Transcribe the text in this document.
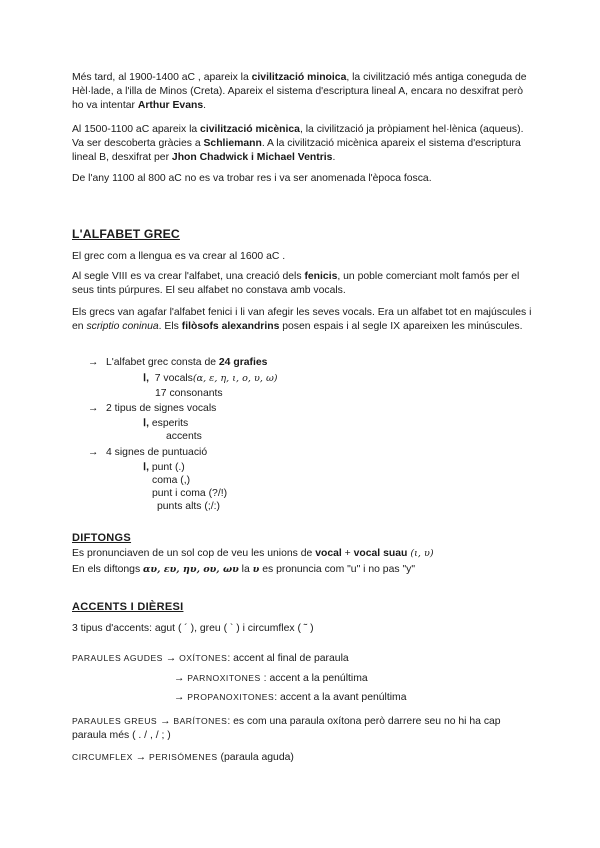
Més tard, al 1900-1400 aC , apareix la civilització minoica, la civilització més antiga coneguda de Hèl·lade, a l'illa de Minos (Creta). Apareix el sistema d'escriptura lineal A, encara no desxifrat però ho va intentar Arthur Evans.

Al 1500-1100 aC apareix la civilització micènica, la civilització ja pròpiament hel·lènica (aqueus). Va ser descoberta gràcies a Schliemann. A la civilització micènica apareix el sistema d'escriptura lineal B, desxifrat per Jhon Chadwick i Michael Ventris.

De l'any 1100 al 800 aC no es va trobar res i va ser anomenada l'època fosca.

L'ALFABET GREC

El grec com a llengua es va crear al 1600 aC .

Al segle VIII es va crear l'alfabet, una creació dels fenicis, un poble comerciant molt famós per el seus tints púrpures. El seu alfabet no constava amb vocals.

Els grecs van agafar l'alfabet fenici i li van afegir les seves vocals. Era un alfabet tot en majúscules i en scriptio coninua. Els filòsofs alexandrins posen espais i al segle IX apareixen les minúscules.

→ L'alfabet grec consta de 24 grafies

Ⅰ, 7 vocals(α, ε, η, ι, ο, υ, ω)

17 consonants

→ 2 tipus de signes vocals

Ⅰ, esperits

accents

→ 4 signes de puntuació

Ⅰ, punt (.)

coma (,)

punt i coma (?/!)

punts alts (;/:)

DIFTONGS

Es pronunciaven de un sol cop de veu les unions de vocal + vocal suau (ι, υ)

En els diftongs αυ, ευ, ηυ, ου, ωυ la υ es pronuncia com "u" i no pas "y"

ACCENTS I DIÈRESI

3 tipus d'accents: agut ( ´ ), greu ( ` ) i circumflex ( ˜ )

PARAULES AGUDES → OXÍTONES: accent al final de paraula

→ PARNOXITONES : accent a la penúltima

→ PROPANOXITONES: accent a la avant penúltima

PARAULES GREUS → BARÍTONES: es com una paraula oxítona però darrere seu no hi ha cap paraula més ( . / , / ; )

CIRCUMFLEX → PERISÓMENES (paraula aguda)
